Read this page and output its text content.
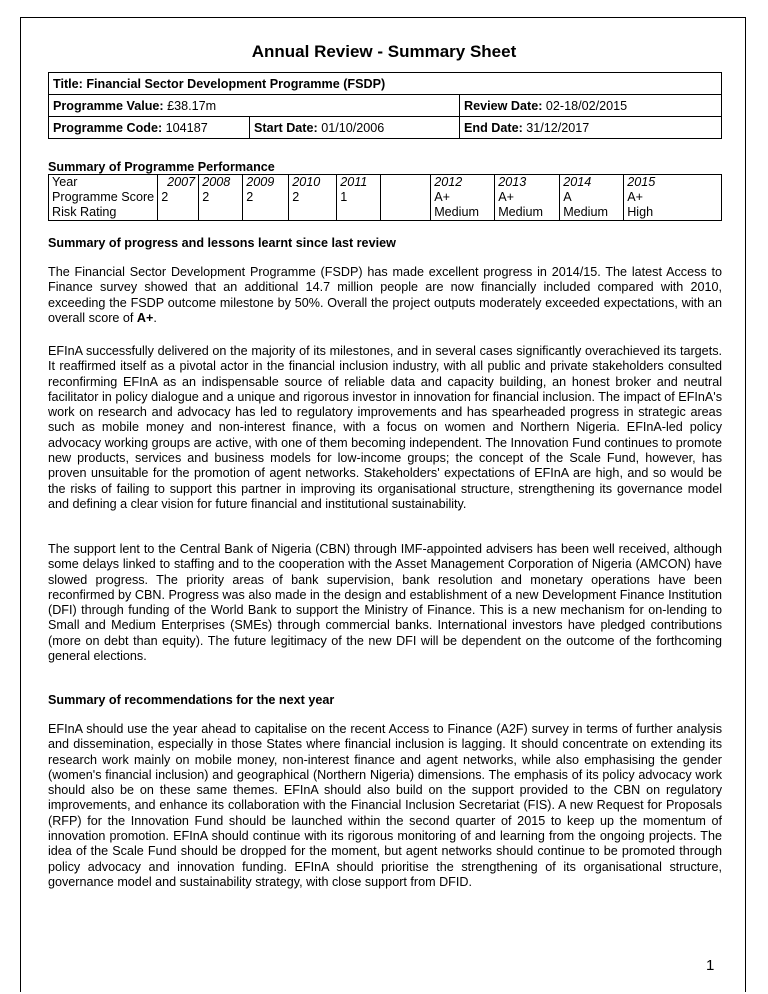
Annual Review - Summary Sheet
Title: Financial Sector Development Programme (FSDP)		
Programme Value: £38.17m		Review Date: 02-18/02/2015
Programme Code: 104187	Start Date: 01/10/2006	End Date: 31/12/2017
Summary of Programme Performance
Year	2007	2008	2009	2010	2011		2012	2013	2014	2015
Programme Score	2	2	2	2	1		A+	A+	A	A+
Risk Rating							Medium	Medium	Medium	High
Summary of progress and lessons learnt since last review

The Financial Sector Development Programme (FSDP) has made excellent progress in 2014/15. The latest Access to Finance survey showed that an additional 14.7 million people are now financially included compared with 2010, exceeding the FSDP outcome milestone by 50%. Overall the project outputs moderately exceeded expectations, with an overall score of A+.

EFInA successfully delivered on the majority of its milestones, and in several cases significantly overachieved its targets. It reaffirmed itself as a pivotal actor in the financial inclusion industry, with all public and private stakeholders consulted reconfirming EFInA as an indispensable source of reliable data and capacity building, an honest broker and neutral facilitator in policy dialogue and a unique and rigorous investor in innovation for financial inclusion. The impact of EFInA's work on research and advocacy has led to regulatory improvements and has spearheaded progress in strategic areas such as mobile money and non-interest finance, with a focus on women and Northern Nigeria. EFInA-led policy advocacy working groups are active, with one of them becoming independent. The Innovation Fund continues to promote new products, services and business models for low-income groups; the concept of the Scale Fund, however, has proven unsuitable for the promotion of agent networks. Stakeholders' expectations of EFInA are high, and so would be the risks of failing to support this partner in improving its organisational structure, strengthening its governance model and defining a clear vision for future financial and institutional sustainability.

The support lent to the Central Bank of Nigeria (CBN) through IMF-appointed advisers has been well received, although some delays linked to staffing and to the cooperation with the Asset Management Corporation of Nigeria (AMCON) have slowed progress. The priority areas of bank supervision, bank resolution and monetary operations have been reconfirmed by CBN. Progress was also made in the design and establishment of a new Development Finance Institution (DFI) through funding of the World Bank to support the Ministry of Finance. This is a new mechanism for on-lending to Small and Medium Enterprises (SMEs) through commercial banks. International investors have pledged contributions (more on debt than equity). The future legitimacy of the new DFI will be dependent on the outcome of the forthcoming general elections.

Summary of recommendations for the next year

EFInA should use the year ahead to capitalise on the recent Access to Finance (A2F) survey in terms of further analysis and dissemination, especially in those States where financial inclusion is lagging. It should concentrate on extending its research work mainly on mobile money, non-interest finance and agent networks, while also emphasising the gender (women's financial inclusion) and geographical (Northern Nigeria) dimensions. The emphasis of its policy advocacy work should also be on these same themes. EFInA should also build on the support provided to the CBN on regulatory improvements, and enhance its collaboration with the Financial Inclusion Secretariat (FIS). A new Request for Proposals (RFP) for the Innovation Fund should be launched within the second quarter of 2015 to keep up the momentum of innovation promotion. EFInA should continue with its rigorous monitoring of and learning from the ongoing projects. The idea of the Scale Fund should be dropped for the moment, but agent networks should continue to be promoted through policy advocacy and innovation funding. EFInA should prioritise the strengthening of its organisational structure, governance model and sustainability strategy, with close support from DFID.

1
